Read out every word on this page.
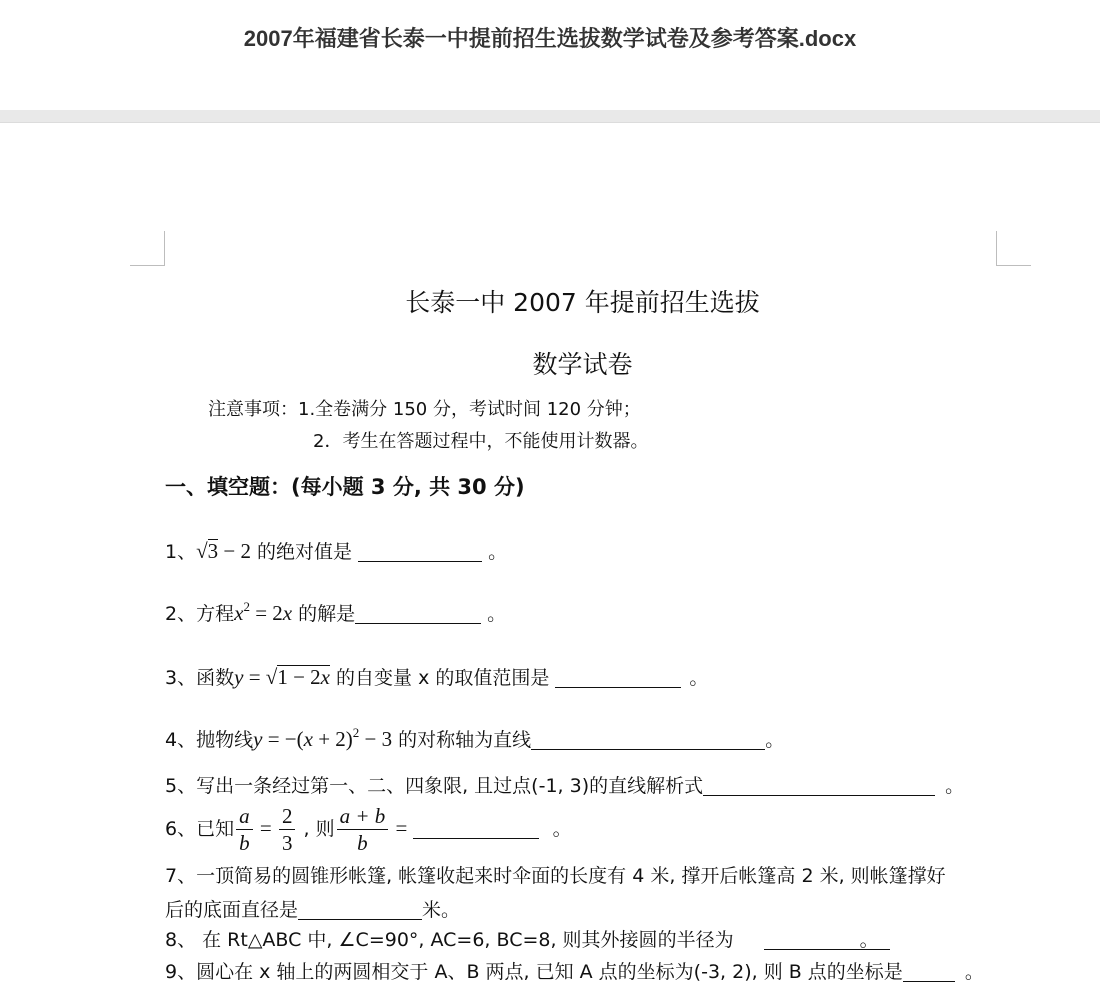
2007年福建省长泰一中提前招生选拔数学试卷及参考答案.docx
长泰一中 2007 年提前招生选拔
数学试卷
注意事项：1.全卷满分 150 分，考试时间 120 分钟；
2．考生在答题过程中，不能使用计数器。
一、填空题：(每小题 3 分, 共 30 分)
1、√3 − 2 的绝对值是	。
2、方程$x^2 = 2x$ 的解是	。
3、函数y = √1 − 2x 的自变量 x 的取值范围是	。
4、抛物线$y = -(x + 2)^2 - 3$ 的对称轴为直线	。
5、写出一条经过第一、二、四象限, 且过点(-1, 3)的直线解析式	。
6、已知 $\frac{a}{b} = \frac{2}{3}$ , 则 $\frac{a + b}{b}$ =	。
7、一顶简易的圆锥形帐篷, 帐篷收起来时伞面的长度有 4 米, 撑开后帐篷高 2 米, 则帐篷撑好
后的底面直径是	米。
8、 在 Rt△ABC 中, ∠C=90°, AC=6, BC=8, 则其外接圆的半径为	。
9、圆心在 x 轴上的两圆相交于 A、B 两点, 已知 A 点的坐标为(-3, 2), 则 B 点的坐标是	。
